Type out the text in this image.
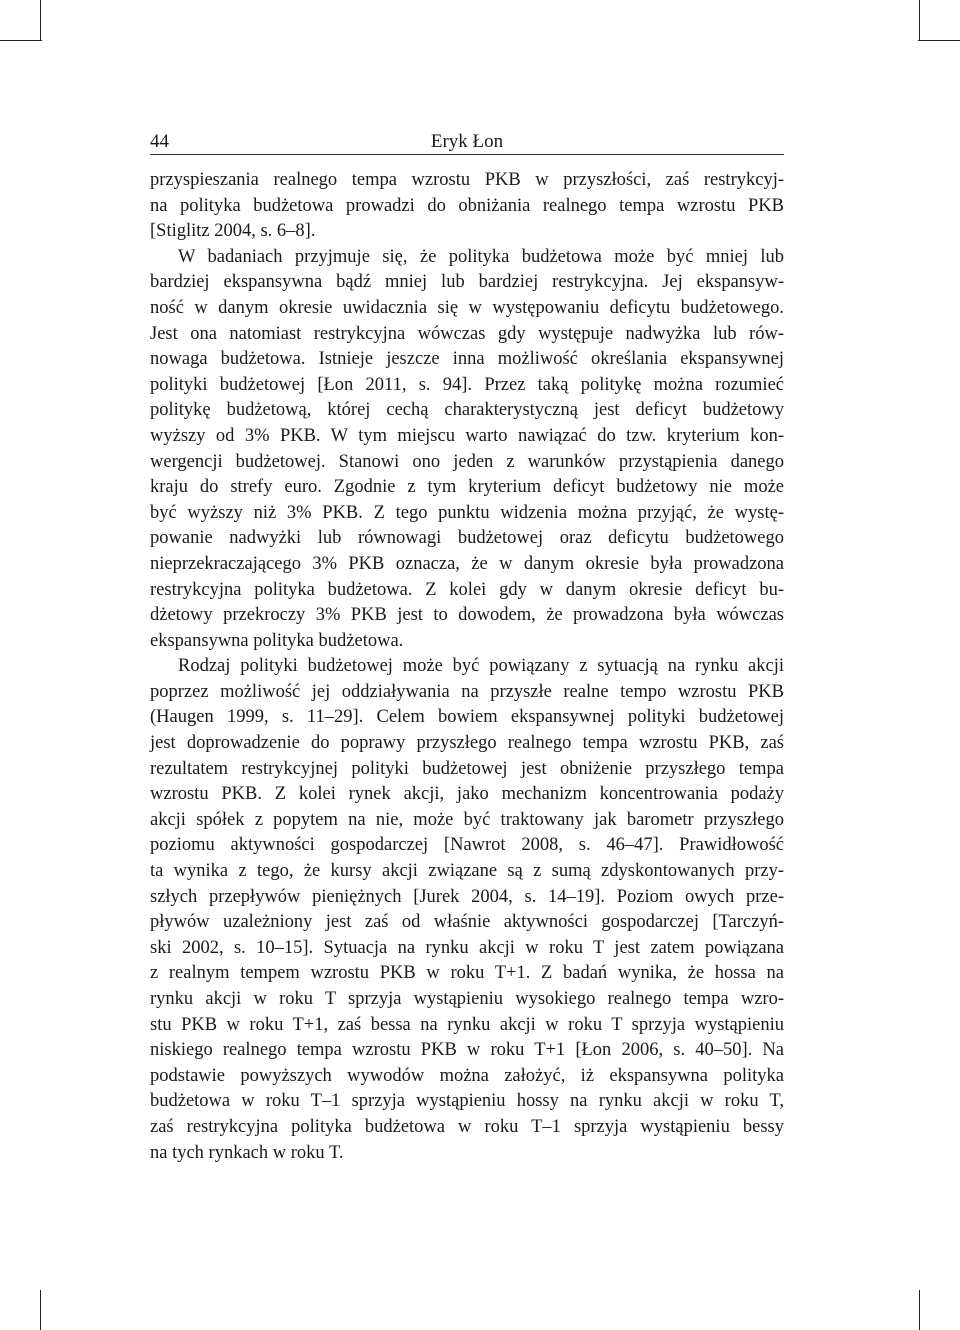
44	Eryk Łon
przyspieszania realnego tempa wzrostu PKB w przyszłości, zaś restrykcyj-
na polityka budżetowa prowadzi do obniżania realnego tempa wzrostu PKB
[Stiglitz 2004, s. 6–8].
W badaniach przyjmuje się, że polityka budżetowa może być mniej lub
bardziej ekspansywna bądź mniej lub bardziej restrykcyjna. Jej ekspansyw-
ność w danym okresie uwidacznia się w występowaniu deficytu budżetowego.
Jest ona natomiast restrykcyjna wówczas gdy występuje nadwyżka lub rów-
nowaga budżetowa. Istnieje jeszcze inna możliwość określania ekspansywnej
polityki budżetowej [Łon 2011, s. 94]. Przez taką politykę można rozumieć
politykę budżetową, której cechą charakterystyczną jest deficyt budżetowy
wyższy od 3% PKB. W tym miejscu warto nawiązać do tzw. kryterium kon-
wergencji budżetowej. Stanowi ono jeden z warunków przystąpienia danego
kraju do strefy euro. Zgodnie z tym kryterium deficyt budżetowy nie może
być wyższy niż 3% PKB. Z tego punktu widzenia można przyjąć, że wystę-
powanie nadwyżki lub równowagi budżetowej oraz deficytu budżetowego
nieprzekraczającego 3% PKB oznacza, że w danym okresie była prowadzona
restrykcyjna polityka budżetowa. Z kolei gdy w danym okresie deficyt bu-
dżetowy przekroczy 3% PKB jest to dowodem, że prowadzona była wówczas
ekspansywna polityka budżetowa.
Rodzaj polityki budżetowej może być powiązany z sytuacją na rynku akcji
poprzez możliwość jej oddziaływania na przyszłe realne tempo wzrostu PKB
(Haugen 1999, s. 11–29]. Celem bowiem ekspansywnej polityki budżetowej
jest doprowadzenie do poprawy przyszłego realnego tempa wzrostu PKB, zaś
rezultatem restrykcyjnej polityki budżetowej jest obniżenie przyszłego tempa
wzrostu PKB. Z kolei rynek akcji, jako mechanizm koncentrowania podaży
akcji spółek z popytem na nie, może być traktowany jak barometr przyszłego
poziomu aktywności gospodarczej [Nawrot 2008, s. 46–47]. Prawidłowość
ta wynika z tego, że kursy akcji związane są z sumą zdyskontowanych przy-
szłych przepływów pieniężnych [Jurek 2004, s. 14–19]. Poziom owych prze-
pływów uzależniony jest zaś od właśnie aktywności gospodarczej [Tarczyń-
ski 2002, s. 10–15]. Sytuacja na rynku akcji w roku T jest zatem powiązana
z realnym tempem wzrostu PKB w roku T+1. Z badań wynika, że hossa na
rynku akcji w roku T sprzyja wystąpieniu wysokiego realnego tempa wzro-
stu PKB w roku T+1, zaś bessa na rynku akcji w roku T sprzyja wystąpieniu
niskiego realnego tempa wzrostu PKB w roku T+1 [Łon 2006, s. 40–50]. Na
podstawie powyższych wywodów można założyć, iż ekspansywna polityka
budżetowa w roku T–1 sprzyja wystąpieniu hossy na rynku akcji w roku T,
zaś restrykcyjna polityka budżetowa w roku T–1 sprzyja wystąpieniu bessy
na tych rynkach w roku T.
